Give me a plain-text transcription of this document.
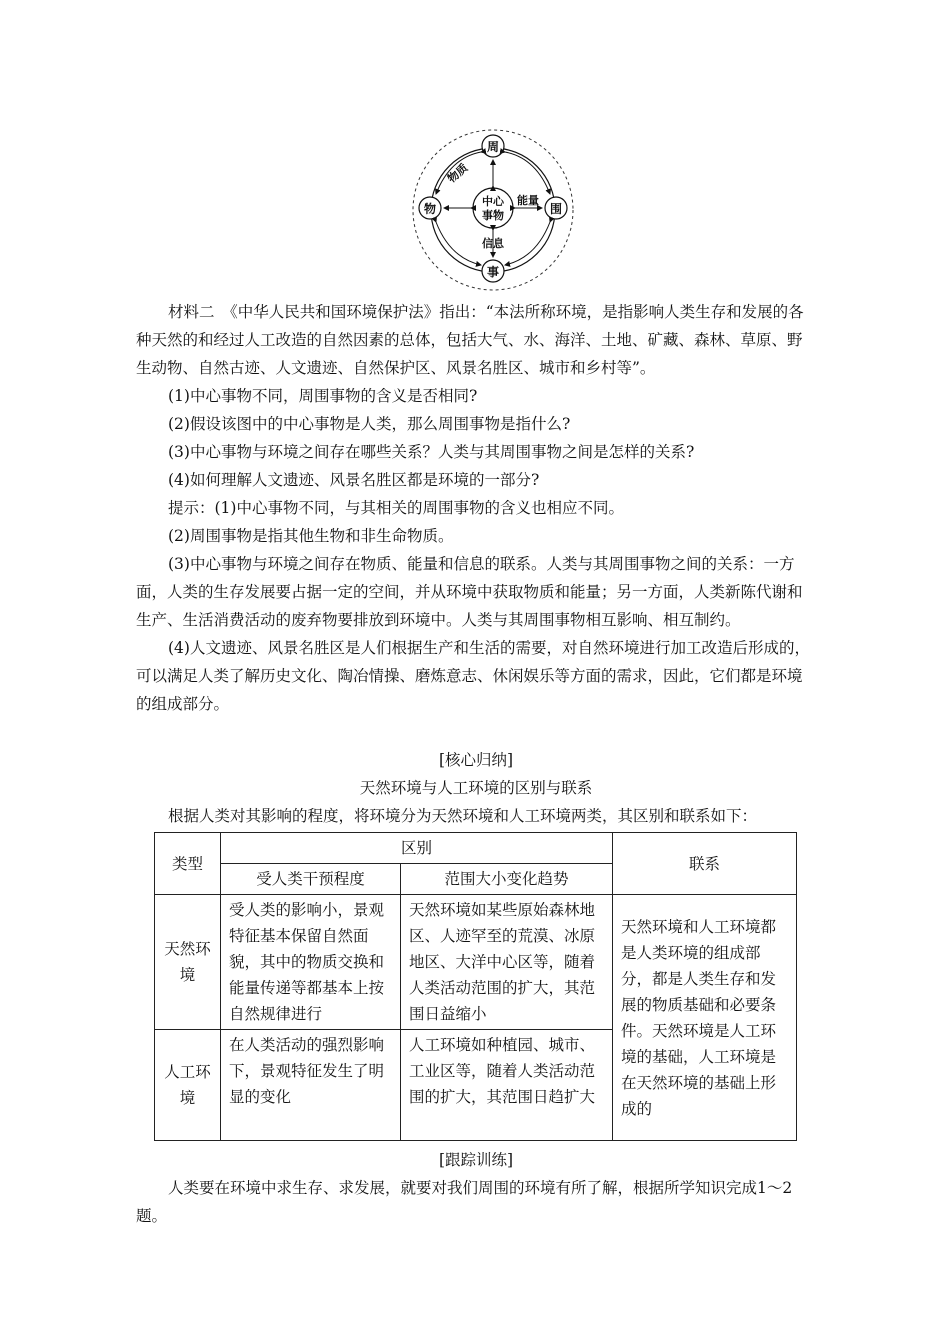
周
物	围
事
中心
事物
物质
能量
信息

材料二　《中华人民共和国环境保护法》指出：“本法所称环境，是指影响人类生存和发展的各种天然的和经过人工改造的自然因素的总体，包括大气、水、海洋、土地、矿藏、森林、草原、野生动物、自然古迹、人文遗迹、自然保护区、风景名胜区、城市和乡村等”。

(1)中心事物不同，周围事物的含义是否相同?

(2)假设该图中的中心事物是人类，那么周围事物是指什么?

(3)中心事物与环境之间存在哪些关系？人类与其周围事物之间是怎样的关系?

(4)如何理解人文遗迹、风景名胜区都是环境的一部分?

提示：(1)中心事物不同，与其相关的周围事物的含义也相应不同。

(2)周围事物是指其他生物和非生命物质。

(3)中心事物与环境之间存在物质、能量和信息的联系。人类与其周围事物之间的关系：一方面，人类的生存发展要占据一定的空间，并从环境中获取物质和能量；另一方面，人类新陈代谢和生产、生活消费活动的废弃物要排放到环境中。人类与其周围事物相互影响、相互制约。

(4)人文遗迹、风景名胜区是人们根据生产和生活的需要，对自然环境进行加工改造后形成的，可以满足人类了解历史文化、陶冶情操、磨炼意志、休闲娱乐等方面的需求，因此，它们都是环境的组成部分。

[核心归纳]

天然环境与人工环境的区别与联系

根据人类对其影响的程度，将环境分为天然环境和人工环境两类，其区别和联系如下：

类型	区别		联系
	受人类干预程度	范围大小变化趋势	
天然环境	受人类的影响小，景观特征基本保留自然面貌，其中的物质交换和能量传递等都基本上按自然规律进行	天然环境如某些原始森林地区、人迹罕至的荒漠、冰原地区、大洋中心区等，随着人类活动范围的扩大，其范围日益缩小	天然环境和人工环境都是人类环境的组成部分，都是人类生存和发展的物质基础和必要条件。天然环境是人工环境的基础，人工环境是在天然环境的基础上形成的
人工环境	在人类活动的强烈影响下，景观特征发生了明显的变化	人工环境如种植园、城市、工业区等，随着人类活动范围的扩大，其范围日趋扩大	

[跟踪训练]

人类要在环境中求生存、求发展，就要对我们周围的环境有所了解，根据所学知识完成1～2题。
